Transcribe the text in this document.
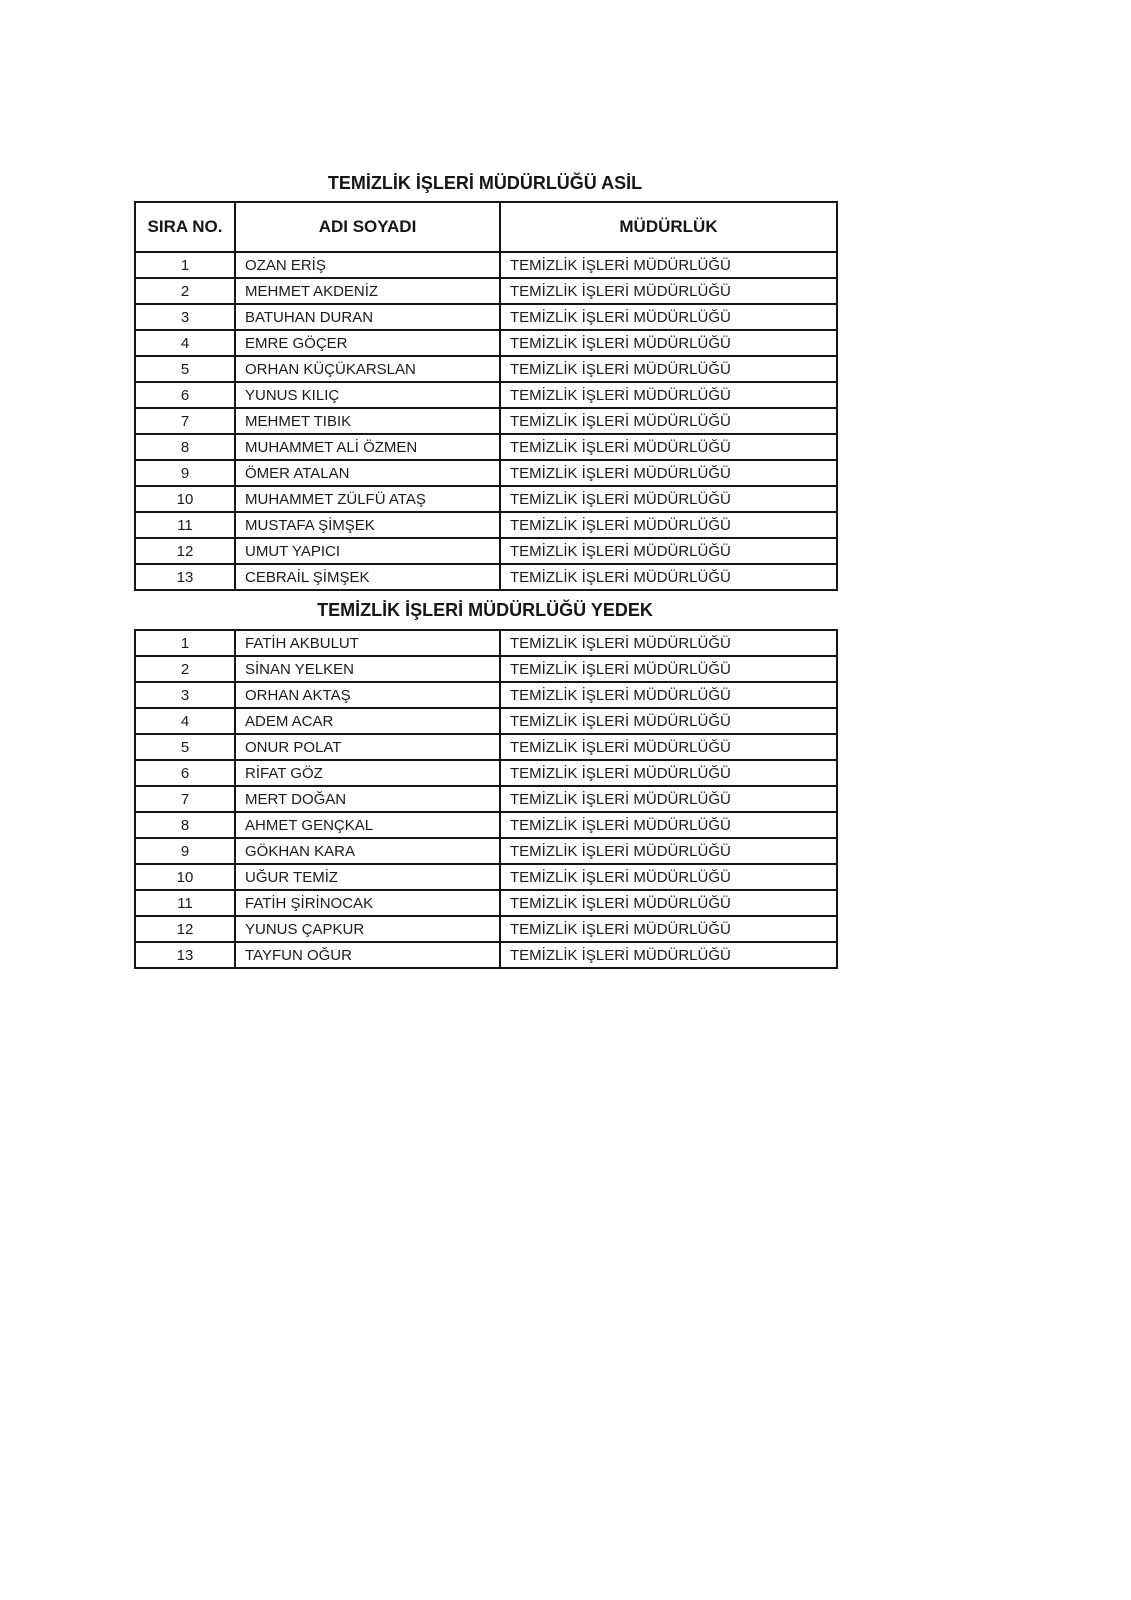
TEMİZLİK İŞLERİ MÜDÜRLÜĞÜ ASİL
SIRA NO.	ADI SOYADI	MÜDÜRLÜK
1	OZAN ERİŞ	TEMİZLİK İŞLERİ MÜDÜRLÜĞÜ
2	MEHMET AKDENİZ	TEMİZLİK İŞLERİ MÜDÜRLÜĞÜ
3	BATUHAN DURAN	TEMİZLİK İŞLERİ MÜDÜRLÜĞÜ
4	EMRE GÖÇER	TEMİZLİK İŞLERİ MÜDÜRLÜĞÜ
5	ORHAN KÜÇÜKARSLAN	TEMİZLİK İŞLERİ MÜDÜRLÜĞÜ
6	YUNUS KILIÇ	TEMİZLİK İŞLERİ MÜDÜRLÜĞÜ
7	MEHMET TIBIK	TEMİZLİK İŞLERİ MÜDÜRLÜĞÜ
8	MUHAMMET ALİ ÖZMEN	TEMİZLİK İŞLERİ MÜDÜRLÜĞÜ
9	ÖMER ATALAN	TEMİZLİK İŞLERİ MÜDÜRLÜĞÜ
10	MUHAMMET ZÜLFÜ ATAŞ	TEMİZLİK İŞLERİ MÜDÜRLÜĞÜ
11	MUSTAFA ŞİMŞEK	TEMİZLİK İŞLERİ MÜDÜRLÜĞÜ
12	UMUT YAPICI	TEMİZLİK İŞLERİ MÜDÜRLÜĞÜ
13	CEBRAİL ŞİMŞEK	TEMİZLİK İŞLERİ MÜDÜRLÜĞÜ
TEMİZLİK İŞLERİ MÜDÜRLÜĞÜ YEDEK
1	FATİH AKBULUT	TEMİZLİK İŞLERİ MÜDÜRLÜĞÜ
2	SİNAN YELKEN	TEMİZLİK İŞLERİ MÜDÜRLÜĞÜ
3	ORHAN AKTAŞ	TEMİZLİK İŞLERİ MÜDÜRLÜĞÜ
4	ADEM ACAR	TEMİZLİK İŞLERİ MÜDÜRLÜĞÜ
5	ONUR POLAT	TEMİZLİK İŞLERİ MÜDÜRLÜĞÜ
6	RİFAT GÖZ	TEMİZLİK İŞLERİ MÜDÜRLÜĞÜ
7	MERT DOĞAN	TEMİZLİK İŞLERİ MÜDÜRLÜĞÜ
8	AHMET GENÇKAL	TEMİZLİK İŞLERİ MÜDÜRLÜĞÜ
9	GÖKHAN KARA	TEMİZLİK İŞLERİ MÜDÜRLÜĞÜ
10	UĞUR TEMİZ	TEMİZLİK İŞLERİ MÜDÜRLÜĞÜ
11	FATİH ŞİRİNOCAK	TEMİZLİK İŞLERİ MÜDÜRLÜĞÜ
12	YUNUS ÇAPKUR	TEMİZLİK İŞLERİ MÜDÜRLÜĞÜ
13	TAYFUN OĞUR	TEMİZLİK İŞLERİ MÜDÜRLÜĞÜ
